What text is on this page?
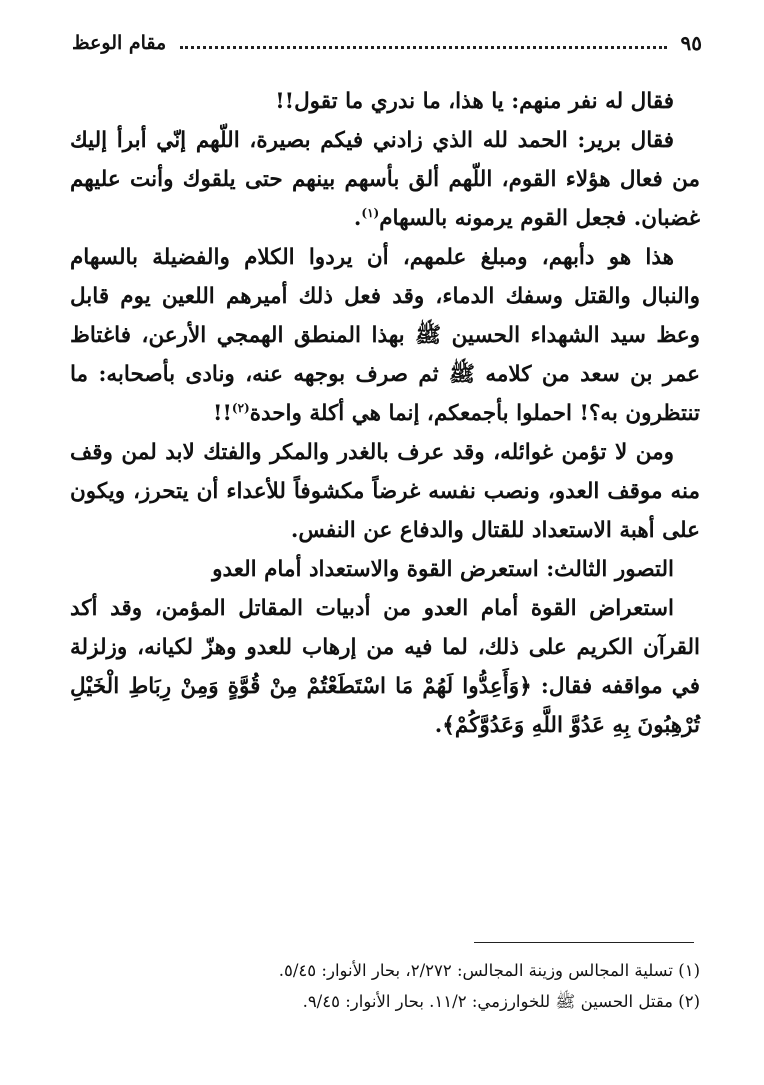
مقام الوعظ	٩٥

فقال له نفر منهم: يا هذا، ما ندري ما تقول!!

فقال برير: الحمد لله الذي زادني فيكم بصيرة، اللّهم إنّي أبرأ إليك من فعال هؤلاء القوم، اللّهم ألق بأسهم بينهم حتى يلقوك وأنت عليهم غضبان. فجعل القوم يرمونه بالسهام$^{(١)}$.

هذا هو دأبهم، ومبلغ علمهم، أن يردوا الكلام والفضيلة بالسهام والنبال والقتل وسفك الدماء، وقد فعل ذلك أميرهم اللعين يوم قابل وعظ سيد الشهداء الحسين ﷺ بهذا المنطق الهمجي الأرعن، فاغتاظ عمر بن سعد من كلامه ﷺ ثم صرف بوجهه عنه، ونادى بأصحابه: ما تنتظرون به؟! احملوا بأجمعكم، إنما هي أكلة واحدة$^{(٢)}$!!

ومن لا تؤمن غوائله، وقد عرف بالغدر والمكر والفتك لابد لمن وقف منه موقف العدو، ونصب نفسه غرضاً مكشوفاً للأعداء أن يتحرز، ويكون على أهبة الاستعداد للقتال والدفاع عن النفس.

التصور الثالث: استعرض القوة والاستعداد أمام العدو

استعراض القوة أمام العدو من أدبيات المقاتل المؤمن، وقد أكد القرآن الكريم على ذلك، لما فيه من إرهاب للعدو وهزّ لكيانه، وزلزلة في مواقفه فقال: ﴿وَأَعِدُّوا لَهُمْ مَا اسْتَطَعْتُمْ مِنْ قُوَّةٍ وَمِنْ رِبَاطِ الْخَيْلِ تُرْهِبُونَ بِهِ عَدُوَّ اللَّهِ وَعَدُوَّكُمْ﴾.

(١) تسلية المجالس وزينة المجالس: ٢/٢٧٢، بحار الأنوار: ٥/٤٥.

(٢) مقتل الحسين ﷺ للخوارزمي: ١١/٢. بحار الأنوار: ٩/٤٥.
